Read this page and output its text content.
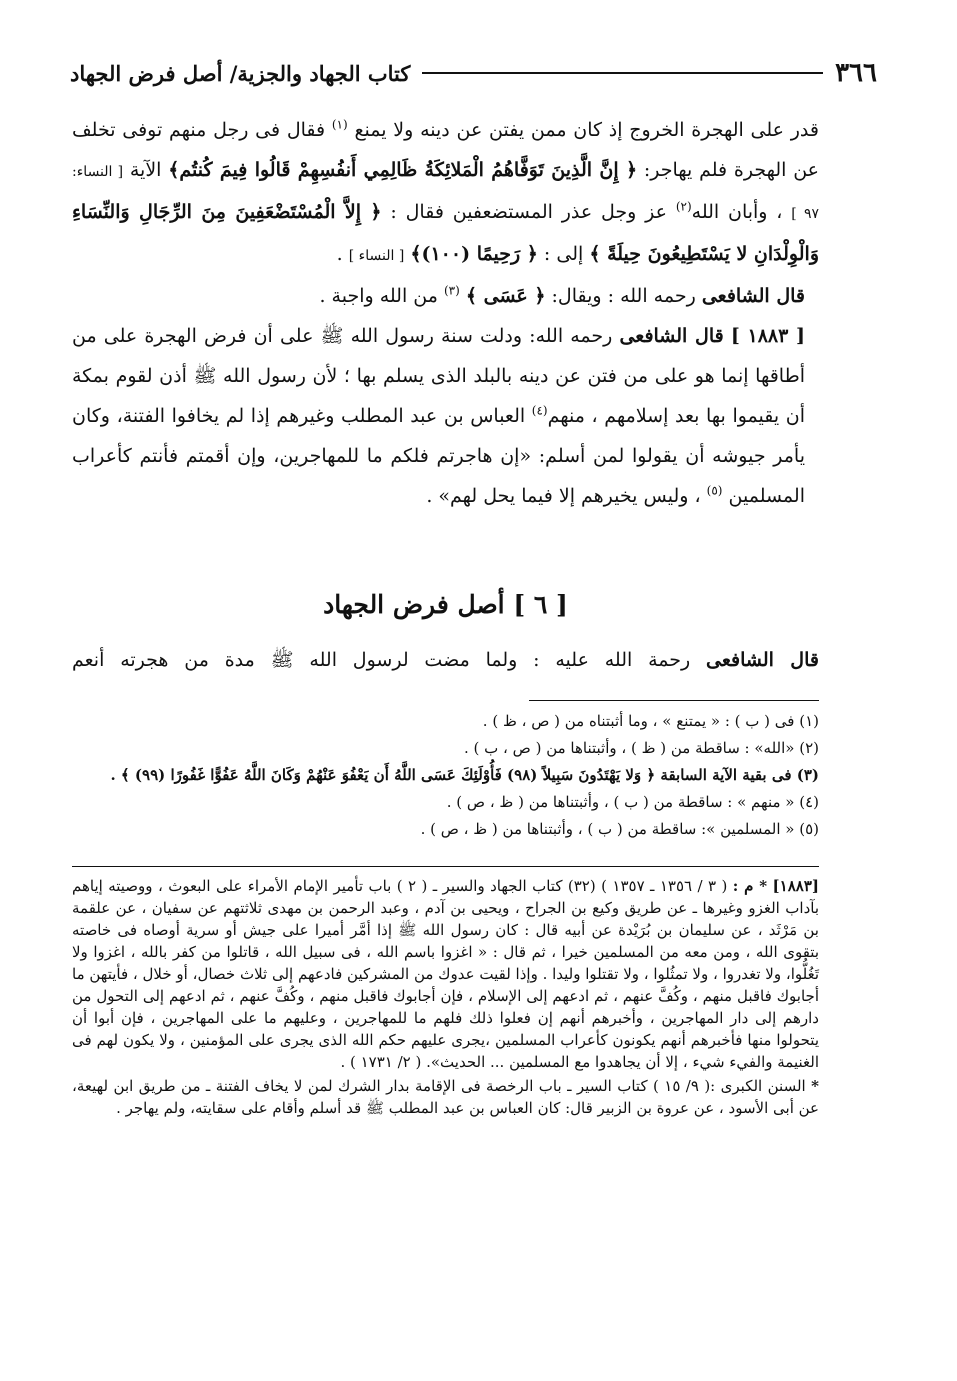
٣٦٦
كتاب الجهاد والجزية/ أصل فرض الجهاد

قدر على الهجرة الخروج إذ كان ممن يفتن عن دينه ولا يمنع $^{(١)}$ فقال فى رجل منهم توفى تخلف عن الهجرة فلم يهاجر: ﴿ إِنَّ الَّذِينَ تَوَفَّاهُمُ الْمَلائِكَةُ ظَالِمِي أَنفُسِهِمْ قَالُوا فِيمَ كُنتُم﴾ الآية [ النساء: ٩٧ ] ، وأبان الله$^{(٢)}$ عز وجل عذر المستضعفين فقال : ﴿ إِلاَّ الْمُسْتَضْعَفِينَ مِنَ الرِّجَالِ وَالنِّسَاءِ وَالْوِلْدَانِ لا يَسْتَطِيعُونَ حِيلَةً ﴾ إلى : ﴿ رَحِيمًا (١٠٠)﴾ [ النساء ] .

قال الشافعى رحمه الله : ويقال: ﴿ عَسَى ﴾ $^{(٣)}$ من الله واجبة .

[ ١٨٨٣ ] قال الشافعى رحمه الله: ودلت سنة رسول الله ﷺ على أن فرض الهجرة على من أطاقها إنما هو على من فتن عن دينه بالبلد الذى يسلم بها ؛ لأن رسول الله ﷺ أذن لقوم بمكة أن يقيموا بها بعد إسلامهم ، منهم$^{(٤)}$ العباس بن عبد المطلب وغيرهم إذا لم يخافوا الفتنة، وكان يأمر جيوشه أن يقولوا لمن أسلم: «إن هاجرتم فلكم ما للمهاجرين، وإن أقمتم فأنتم كأعراب المسلمين $^{(٥)}$ ، وليس يخيرهم إلا فيما يحل لهم» .

[ ٦ ] أصل فرض الجهاد
قال الشافعى رحمة الله عليه : ولما مضت لرسول الله ﷺ مدة من هجرته أنعم
(١) فى ( ب ) : « يمتنع » ، وما أثبتناه من ( ص ، ظ ) .
(٢) «الله» : ساقطة من ( ظ ) ، وأثبتناها من ( ص ، ب ) .
(٣) فى بقية الآية السابقة ﴿ وَلا يَهْتَدُونَ سَبِيلاً (٩٨) فَأُوْلَئِكَ عَسَى اللَّهُ أَن يَعْفُوَ عَنْهُمْ وَكَانَ اللَّهُ عَفُوًّا غَفُورًا (٩٩) ﴾ .
(٤) « منهم » : ساقطة من ( ب ) ، وأثبتناها من ( ظ ، ص ) .
(٥) « المسلمين »: ساقطة من ( ب ) ، وأثبتناها من ( ظ ، ص ) .

[١٨٨٣] * م : ( ٣ / ١٣٥٦ ـ ١٣٥٧ ) (٣٢) كتاب الجهاد والسير ـ ( ٢ ) باب تأمير الإمام الأمراء على البعوث ، ووصيته إياهم بآداب الغزو وغيرها ـ عن طريق وكيع بن الجراح ، ويحيى بن آدم ، وعبد الرحمن بن مهدى ثلاثتهم عن سفيان ، عن علقمة بن مَرْثَد ، عن سليمان بن بُرَيْدة عن أبيه قال : كان رسول الله ﷺ إذا أمَّر أميرا على جيش أو سرية أوصاه فى خاصته بتقوى الله ، ومن معه من المسلمين خيرا ، ثم قال : « اغزوا باسم الله ، فى سبيل الله ، قاتلوا من كفر بالله ، اغزوا ولا تَغُلُّوا، ولا تغدروا ، ولا تمثُلوا ، ولا تقتلوا وليدا . وإذا لقيت عدوك من المشركين فادعهم إلى ثلاث خصال، أو خلال ، فأيتهن ما أجابوك فاقبل منهم ، وكُفَّ عنهم ، ثم ادعهم إلى الإسلام ، فإن أجابوك فاقبل منهم ، وكُفَّ عنهم ، ثم ادعهم إلى التحول من دارهم إلى دار المهاجرين ، وأخبرهم أنهم إن فعلوا ذلك فلهم ما للمهاجرين ، وعليهم ما على المهاجرين ، فإن أبوا أن يتحولوا منها فأخبرهم أنهم يكونون كأعراب المسلمين ،يجرى عليهم حكم الله الذى يجرى على المؤمنين ، ولا يكون لهم فى الغنيمة والفيء شيء ، إلا أن يجاهدوا مع المسلمين ... الحديث». ( ٢/ ١٧٣١ ) .

* السنن الكبرى :( ٩/ ١٥ ) كتاب السير ـ باب الرخصة فى الإقامة بدار الشرك لمن لا يخاف الفتنة ـ من طريق ابن لهيعة، عن أبى الأسود ، عن عروة بن الزبير قال: كان العباس بن عبد المطلب ﷺ قد أسلم وأقام على سقايته، ولم يهاجر .
